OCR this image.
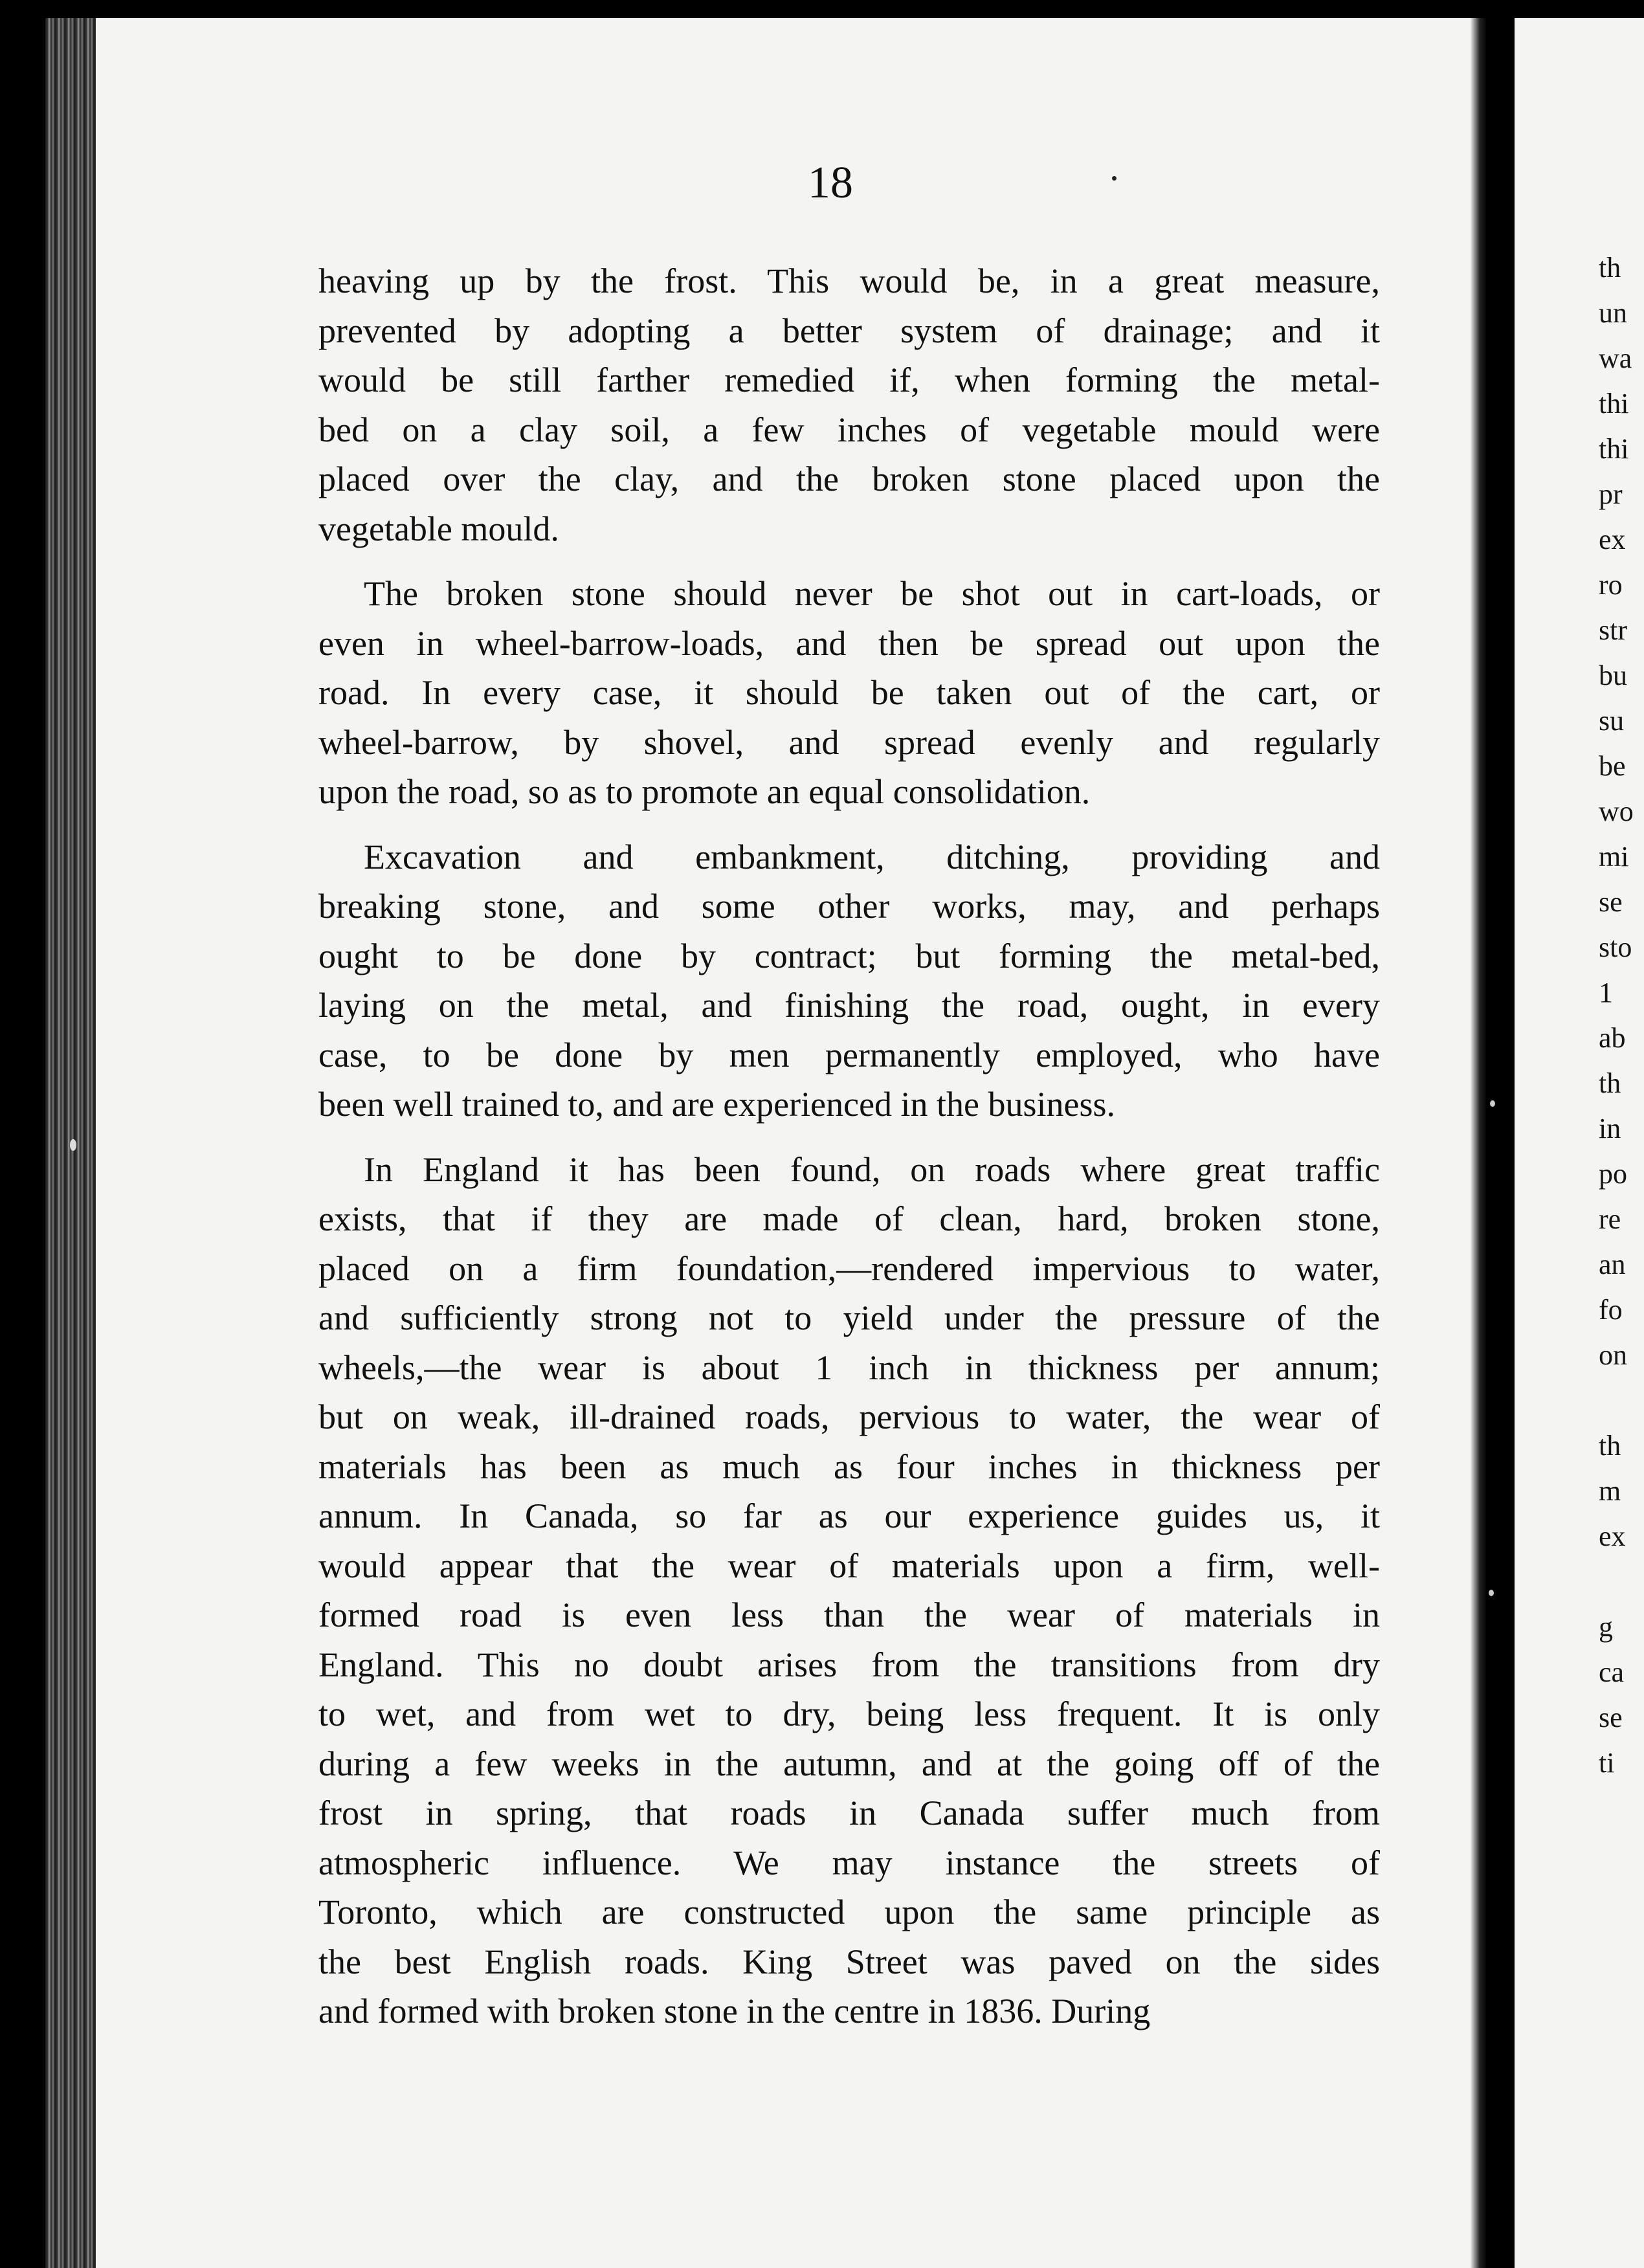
th
un
wa
thi
thi
pr
ex
ro
str
bu
su
be
wo
mi
se
sto
1
ab
th
in
po
re
an
fo
on
th
m
ex
g
ca
se
ti
18
heaving up by the frost. This would be, in a great measure,
prevented by adopting a better system of drainage; and it
would be still farther remedied if, when forming the metal-
bed on a clay soil, a few inches of vegetable mould were
placed over the clay, and the broken stone placed upon the
vegetable mould.
The broken stone should never be shot out in cart-loads, or
even in wheel-barrow-loads, and then be spread out upon the
road. In every case, it should be taken out of the cart, or
wheel-barrow, by shovel, and spread evenly and regularly
upon the road, so as to promote an equal consolidation.
Excavation and embankment, ditching, providing and
breaking stone, and some other works, may, and perhaps
ought to be done by contract; but forming the metal-bed,
laying on the metal, and finishing the road, ought, in every
case, to be done by men permanently employed, who have
been well trained to, and are experienced in the business.
In England it has been found, on roads where great traffic
exists, that if they are made of clean, hard, broken stone,
placed on a firm foundation,—rendered impervious to water,
and sufficiently strong not to yield under the pressure of the
wheels,—the wear is about 1 inch in thickness per annum;
but on weak, ill-drained roads, pervious to water, the wear of
materials has been as much as four inches in thickness per
annum. In Canada, so far as our experience guides us, it
would appear that the wear of materials upon a firm, well-
formed road is even less than the wear of materials in
England. This no doubt arises from the transitions from dry
to wet, and from wet to dry, being less frequent. It is only
during a few weeks in the autumn, and at the going off of the
frost in spring, that roads in Canada suffer much from
atmospheric influence. We may instance the streets of
Toronto, which are constructed upon the same principle as
the best English roads. King Street was paved on the sides
and formed with broken stone in the centre in 1836. During
